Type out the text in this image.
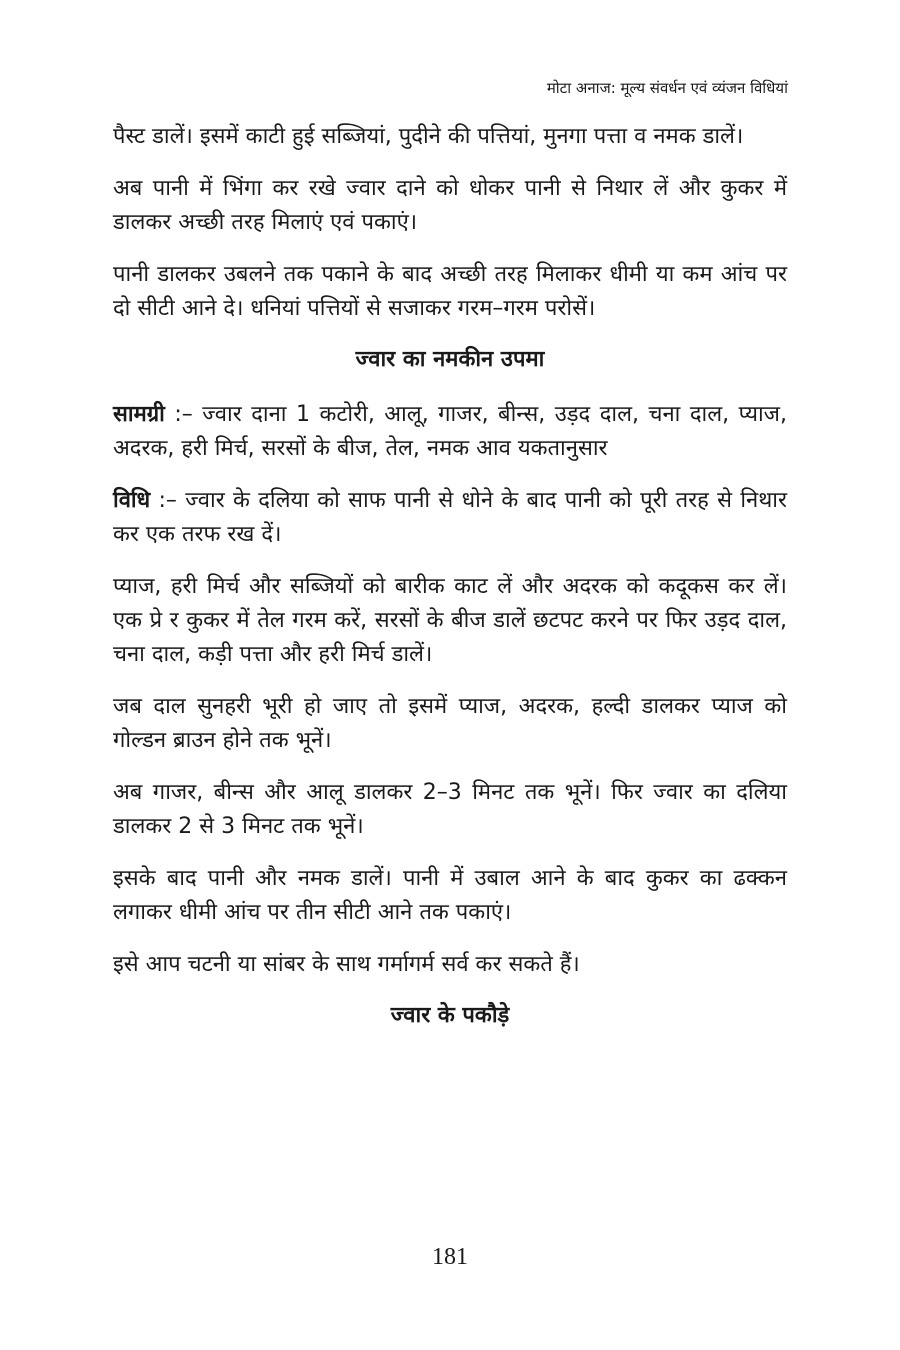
मोटा अनाज: मूल्य संवर्धन एवं व्यंजन विधियां

पैस्ट डालें। इसमें काटी हुई सब्जियां, पुदीने की पत्तियां, मुनगा पत्ता व नमक डालें।

अब पानी में भिंगा कर रखे ज्वार दाने को धोकर पानी से निथार लें और कुकर में डालकर अच्छी तरह मिलाएं एवं पकाएं।

पानी डालकर उबलने तक पकाने के बाद अच्छी तरह मिलाकर धीमी या कम आंच पर दो सीटी आने दे। धनियां पत्तियों से सजाकर गरम–गरम परोसें।

ज्वार का नमकीन उपमा

सामग्री :– ज्वार दाना 1 कटोरी, आलू, गाजर, बीन्स, उड़द दाल, चना दाल, प्याज, अदरक, हरी मिर्च, सरसों के बीज, तेल, नमक आव यकतानुसार

विधि :– ज्वार के दलिया को साफ पानी से धोने के बाद पानी को पूरी तरह से निथार कर एक तरफ रख दें।

प्याज, हरी मिर्च और सब्जियों को बारीक काट लें और अदरक को कदूकस कर लें। एक प्रे र कुकर में तेल गरम करें, सरसों के बीज डालें छटपट करने पर फिर उड़द दाल, चना दाल, कड़ी पत्ता और हरी मिर्च डालें।

जब दाल सुनहरी भूरी हो जाए तो इसमें प्याज, अदरक, हल्दी डालकर प्याज को गोल्डन ब्राउन होने तक भूनें।

अब गाजर, बीन्स और आलू डालकर 2–3 मिनट तक भूनें। फिर ज्वार का दलिया डालकर 2 से 3 मिनट तक भूनें।

इसके बाद पानी और नमक डालें। पानी में उबाल आने के बाद कुकर का ढक्कन लगाकर धीमी आंच पर तीन सीटी आने तक पकाएं।

इसे आप चटनी या सांबर के साथ गर्मागर्म सर्व कर सकते हैं।

ज्वार के पकौड़े
181
